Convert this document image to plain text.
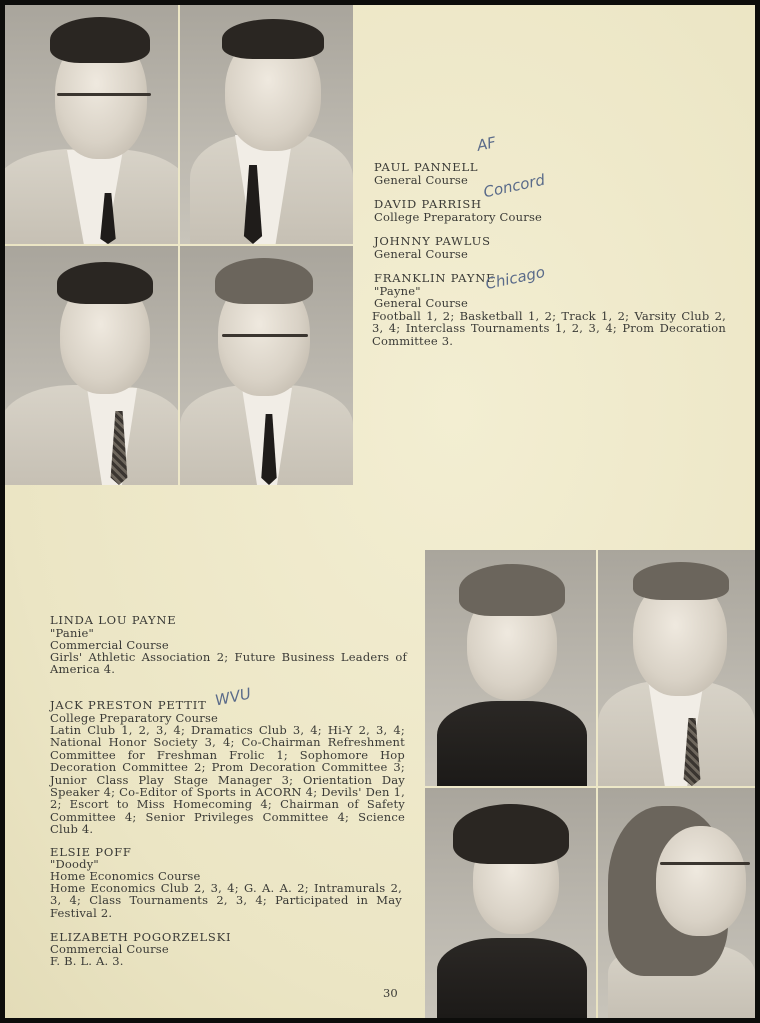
PAUL PANNELL
AF
General Course
DAVID PARRISH
Concord
College Preparatory Course
JOHNNY PAWLUS
General Course
FRANKLIN PAYNE
Chicago
"Payne"
General Course
Football 1, 2; Basketball 1, 2; Track 1, 2; Varsity Club 2, 3, 4; Interclass Tournaments 1, 2, 3, 4; Prom Decoration Committee 3.
LINDA LOU PAYNE
"Panie"
Commercial Course
Girls' Athletic Association 2; Future Business Leaders of America 4.
JACK PRESTON PETTIT WVU
College Preparatory Course
Latin Club 1, 2, 3, 4; Dramatics Club 3, 4; Hi-Y 2, 3, 4; National Honor Society 3, 4; Co-Chairman Refreshment Committee for Freshman Frolic 1; Sophomore Hop Decoration Committee 2; Prom Decoration Committee 3; Junior Class Play Stage Manager 3; Orientation Day Speaker 4; Co-Editor of Sports in ACORN 4; Devils' Den 1, 2; Escort to Miss Homecoming 4; Chairman of Safety Committee 4; Senior Privileges Committee 4; Science Club 4.
ELSIE POFF
"Doody"
Home Economics Course
Home Economics Club 2, 3, 4; G. A. A. 2; Intramurals 2, 3, 4; Class Tournaments 2, 3, 4; Participated in May Festival 2.
ELIZABETH POGORZELSKI
Commercial Course
F. B. L. A. 3.
30
